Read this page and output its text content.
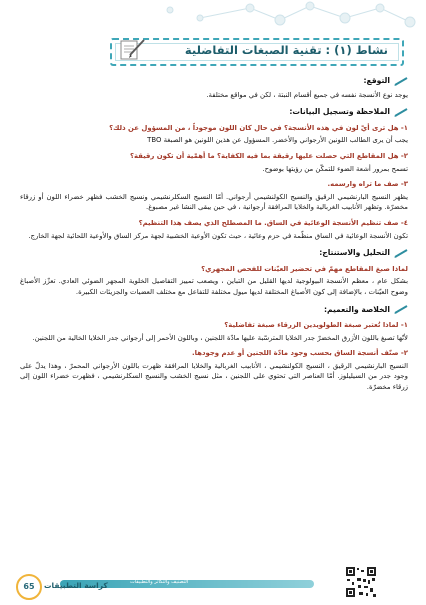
نشاط (١) : تقنية الصبغات التفاضلية
التوقع:
يوجد نوع الأنسجة نفسه في جميع أقسام النبتة ، لكن في مواقع مختلفة.
الملاحظة وتسجيل البيانات:
١- هل ترى أيّ لون في هذه الأنسجة؟ في حال كان اللون موجوداً ، من المسؤول عن ذلك؟
يجب أن يرى الطالب اللونين الأرجواني والأخضر. المسؤول عن هذين اللونين هو الصبغة TBO
٢- هل المقاطع التي حصلت عليها رقيقة بما فيه الكفاية؟ ما أهمّية أن تكون رقيقة؟
تسمح بمرور أشعة الضوء للتمكّن من رؤيتها بوضوح.
٣- صف ما تراه وارسمه.
يظهر النسيج البارنشيمي الرقيق والنسيج الكولنشيمي أرجواني. أمّا النسيج السكلرنشيمي ونسيج الخشب فظهر خضراء اللون أو زرقاء مخضرّة. وتظهر الأنابيب الغربالية والخلايا المرافقة أرجوانية ، في حين يبقى النشا غير مصبوغ.
٤- صف تنظيم الأنسجة الوعائية في الساق. ما المصطلح الذي يصف هذا التنظيم؟
تكون الأنسجة الوعائية في الساق منظّمة في حزم وعائية ، حيث تكون الأوعية الخشبية لجهة مركز الساق والأوعية اللحائية لجهة الخارج.
التحليل والاستنتاج:
لماذا صبغ المقاطع مهمّ في تحضير العيّنات للفحص المجهري؟
بشكل عام ، معظم الأنسجة البيولوجية لديها القليل من التباين ، ويصعب تمييز التفاصيل الخلوية المجهر الضوئي العادي. تعزّز الأصباغ وضوح العيّنات ، بالإضافة إلى كون الأصباغ المختلفة لديها ميول مختلفة للتفاعل مع مختلف العضيات والجزيئات الكبيرة.
الخلاصة والتعميم:
١- لماذا تُعتبر صبغة الطولويدين الزرقاء صبغة تفاضلية؟
لأنّها تصبغ باللون الأزرق المخضرّ جدر الخلايا المترسّبة عليها مادّة اللجنين ، وباللون الأحمر إلى أرجواني جدر الخلايا الخالية من اللجنين.
٢- صنّف أنسجة الساق بحسب وجود مادّة اللجنين أو عدم وجودها.
النسيج البارنشيمي الرقيق ، النسيج الكولنشيمي ، الأنابيب الغربالية والخلايا المرافقة ظهرت باللون الأرجواني المحمرّ ، وهذا يدلّ على وجود جدر من السيليلوز. أمّا العناصر التي تحتوي على اللجنين ، مثل نسيج الخشب والنسيج السكلرنشيمي ، فظهرت خضراء اللون إلى زرقاء مخضرّة.
التصنيف والتكاثر والتطبيقات
65	كراسة التطبيقات
